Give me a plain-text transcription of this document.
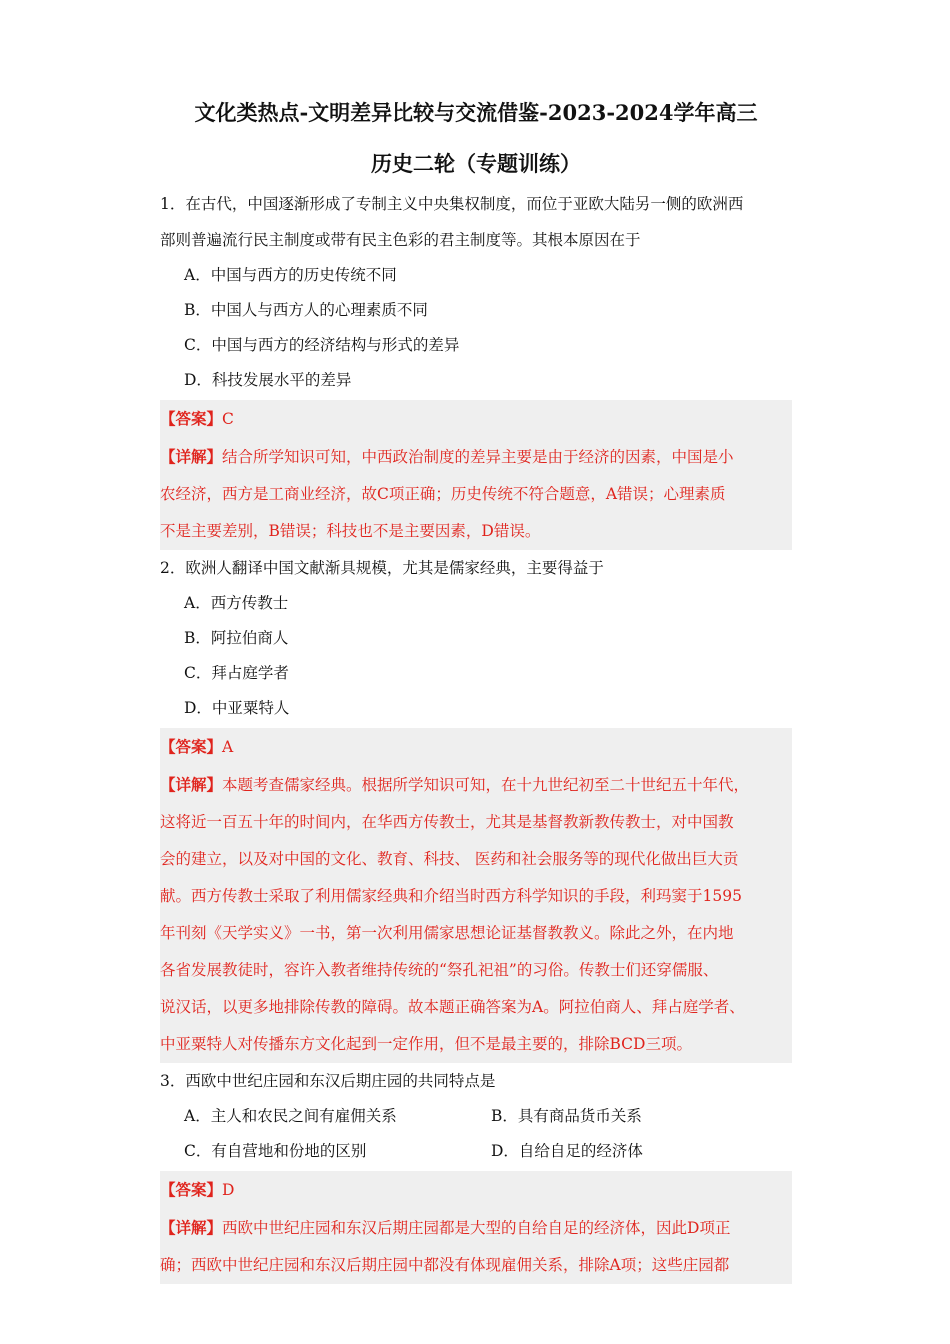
文化类热点-文明差异比较与交流借鉴-2023-2024学年高三
历史二轮（专题训练）

1．在古代，中国逐渐形成了专制主义中央集权制度，而位于亚欧大陆另一侧的欧洲西

部则普遍流行民主制度或带有民主色彩的君主制度等。其根本原因在于

A．中国与西方的历史传统不同

B．中国人与西方人的心理素质不同

C．中国与西方的经济结构与形式的差异

D．科技发展水平的差异

【答案】C

【详解】结合所学知识可知，中西政治制度的差异主要是由于经济的因素，中国是小

农经济，西方是工商业经济，故C项正确；历史传统不符合题意，A错误；心理素质

不是主要差别，B错误；科技也不是主要因素，D错误。

2．欧洲人翻译中国文献渐具规模，尤其是儒家经典，主要得益于

A．西方传教士

B．阿拉伯商人

C．拜占庭学者

D．中亚粟特人

【答案】A

【详解】本题考查儒家经典。根据所学知识可知，在十九世纪初至二十世纪五十年代，

这将近一百五十年的时间内，在华西方传教士，尤其是基督教新教传教士，对中国教

会的建立，以及对中国的文化、教育、科技、 医药和社会服务等的现代化做出巨大贡

献。西方传教士采取了利用儒家经典和介绍当时西方科学知识的手段，利玛窦于1595

年刊刻《天学实义》一书，第一次利用儒家思想论证基督教教义。除此之外，在内地

各省发展教徒时，容许入教者维持传统的“祭孔祀祖”的习俗。传教士们还穿儒服、

说汉话，以更多地排除传教的障碍。故本题正确答案为A。阿拉伯商人、拜占庭学者、

中亚粟特人对传播东方文化起到一定作用，但不是最主要的，排除BCD三项。

3．西欧中世纪庄园和东汉后期庄园的共同特点是

A．主人和农民之间有雇佣关系	B．具有商品货币关系

C．有自营地和份地的区别	D．自给自足的经济体

【答案】D

【详解】西欧中世纪庄园和东汉后期庄园都是大型的自给自足的经济体，因此D项正

确；西欧中世纪庄园和东汉后期庄园中都没有体现雇佣关系，排除A项；这些庄园都
